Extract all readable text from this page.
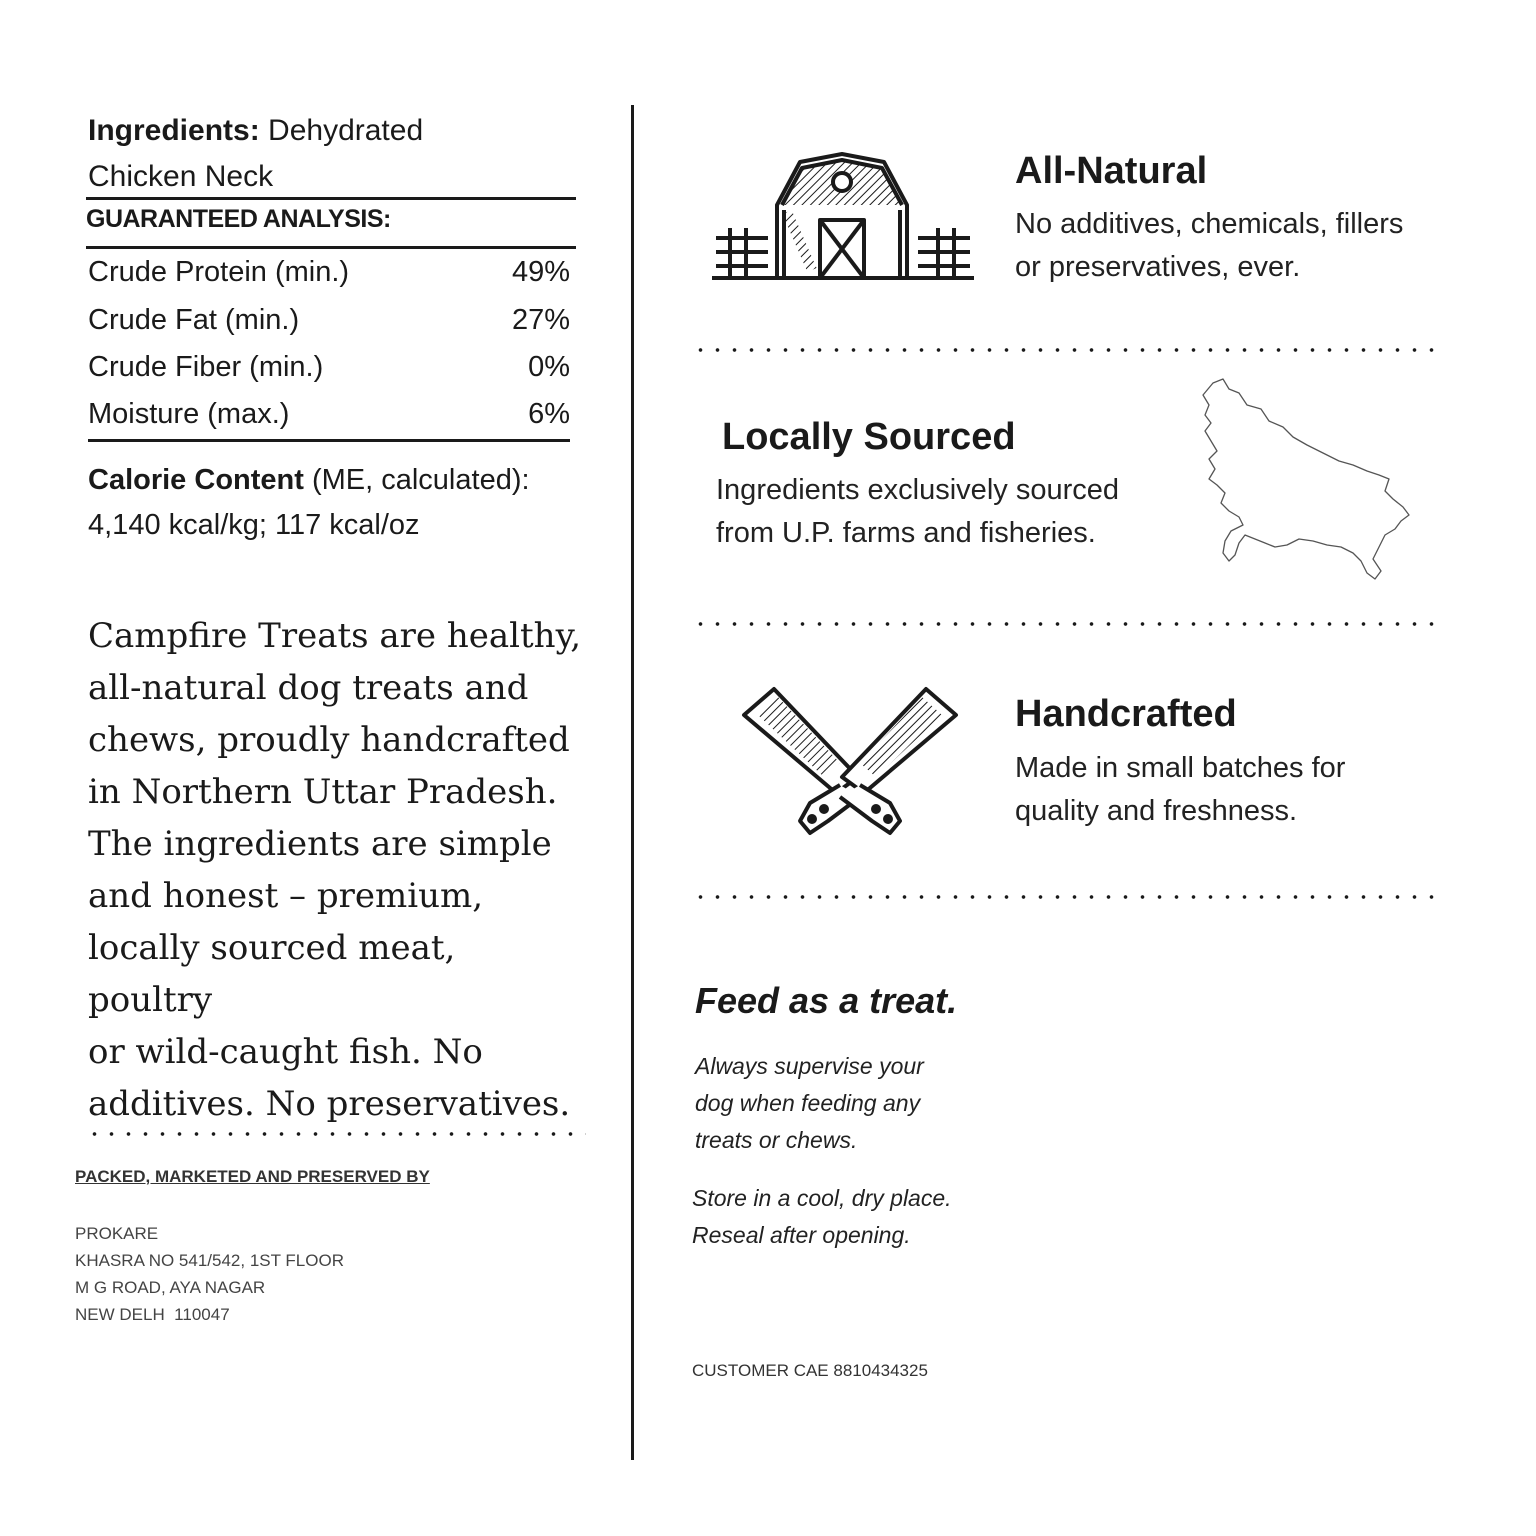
Ingredients: Dehydrated
Chicken Neck
GUARANTEED ANALYSIS:
Crude Protein (min.)	49%
Crude Fat (min.)	27%
Crude Fiber (min.)	0%
Moisture (max.)	6%
Calorie Content (ME, calculated):
4,140 kcal/kg; 117 kcal/oz
Campfire Treats are healthy,
all-natural dog treats and
chews, proudly handcrafted
in Northern Uttar Pradesh.
The ingredients are simple
and honest – premium,
locally sourced meat, poultry
or wild-caught fish. No
additives. No preservatives.
PACKED, MARKETED AND PRESERVED BY
PROKARE
KHASRA NO 541/542, 1ST FLOOR
M G ROAD, AYA NAGAR
NEW DELH  110047
All-Natural
No additives, chemicals, fillers
or preservatives, ever.
Locally Sourced
Ingredients exclusively sourced
from U.P. farms and fisheries.
Handcrafted
Made in small batches for
quality and freshness.
Feed as a treat.
Always supervise your
dog when feeding any
treats or chews.
Store in a cool, dry place.
Reseal after opening.
CUSTOMER CAE 8810434325
